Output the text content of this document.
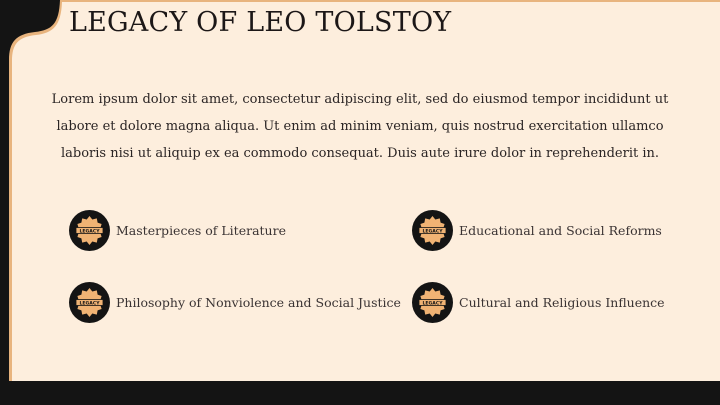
LEGACY OF LEO TOLSTOY

Lorem ipsum dolor sit amet, consectetur adipiscing elit, sed do eiusmod tempor incididunt ut labore et dolore magna aliqua. Ut enim ad minim veniam, quis nostrud exercitation ullamco laboris nisi ut aliquip ex ea commodo consequat. Duis aute irure dolor in reprehenderit in.

LEGACY Masterpieces of Literature	LEGACY Educational and Social Reforms
LEGACY Philosophy of Nonviolence and Social Justice	LEGACY Cultural and Religious Influence
